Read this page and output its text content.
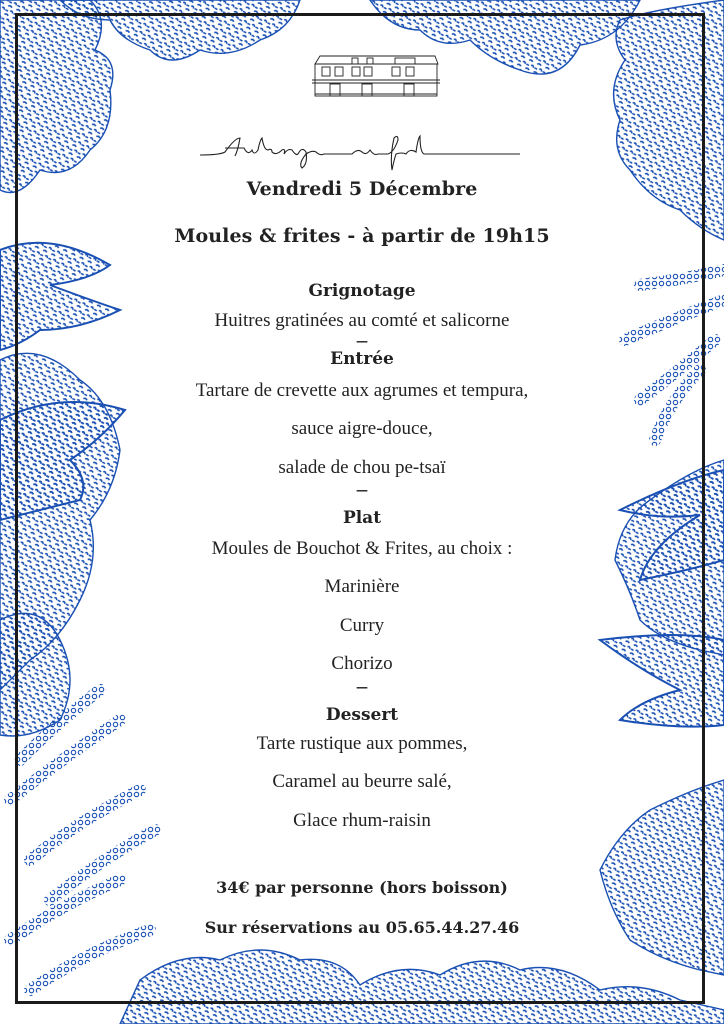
Vendredi 5 Décembre
Moules & frites - à partir de 19h15
Grignotage
Huitres gratinées au comté et salicorne
—
Entrée
Tartare de crevette aux agrumes et tempura,
sauce aigre-douce,
salade de chou pe-tsaï
—
Plat
Moules de Bouchot & Frites, au choix :
Marinière
Curry
Chorizo
—
Dessert
Tarte rustique aux pommes,
Caramel au beurre salé,
Glace rhum-raisin
34€ par personne (hors boisson)
Sur réservations au 05.65.44.27.46
